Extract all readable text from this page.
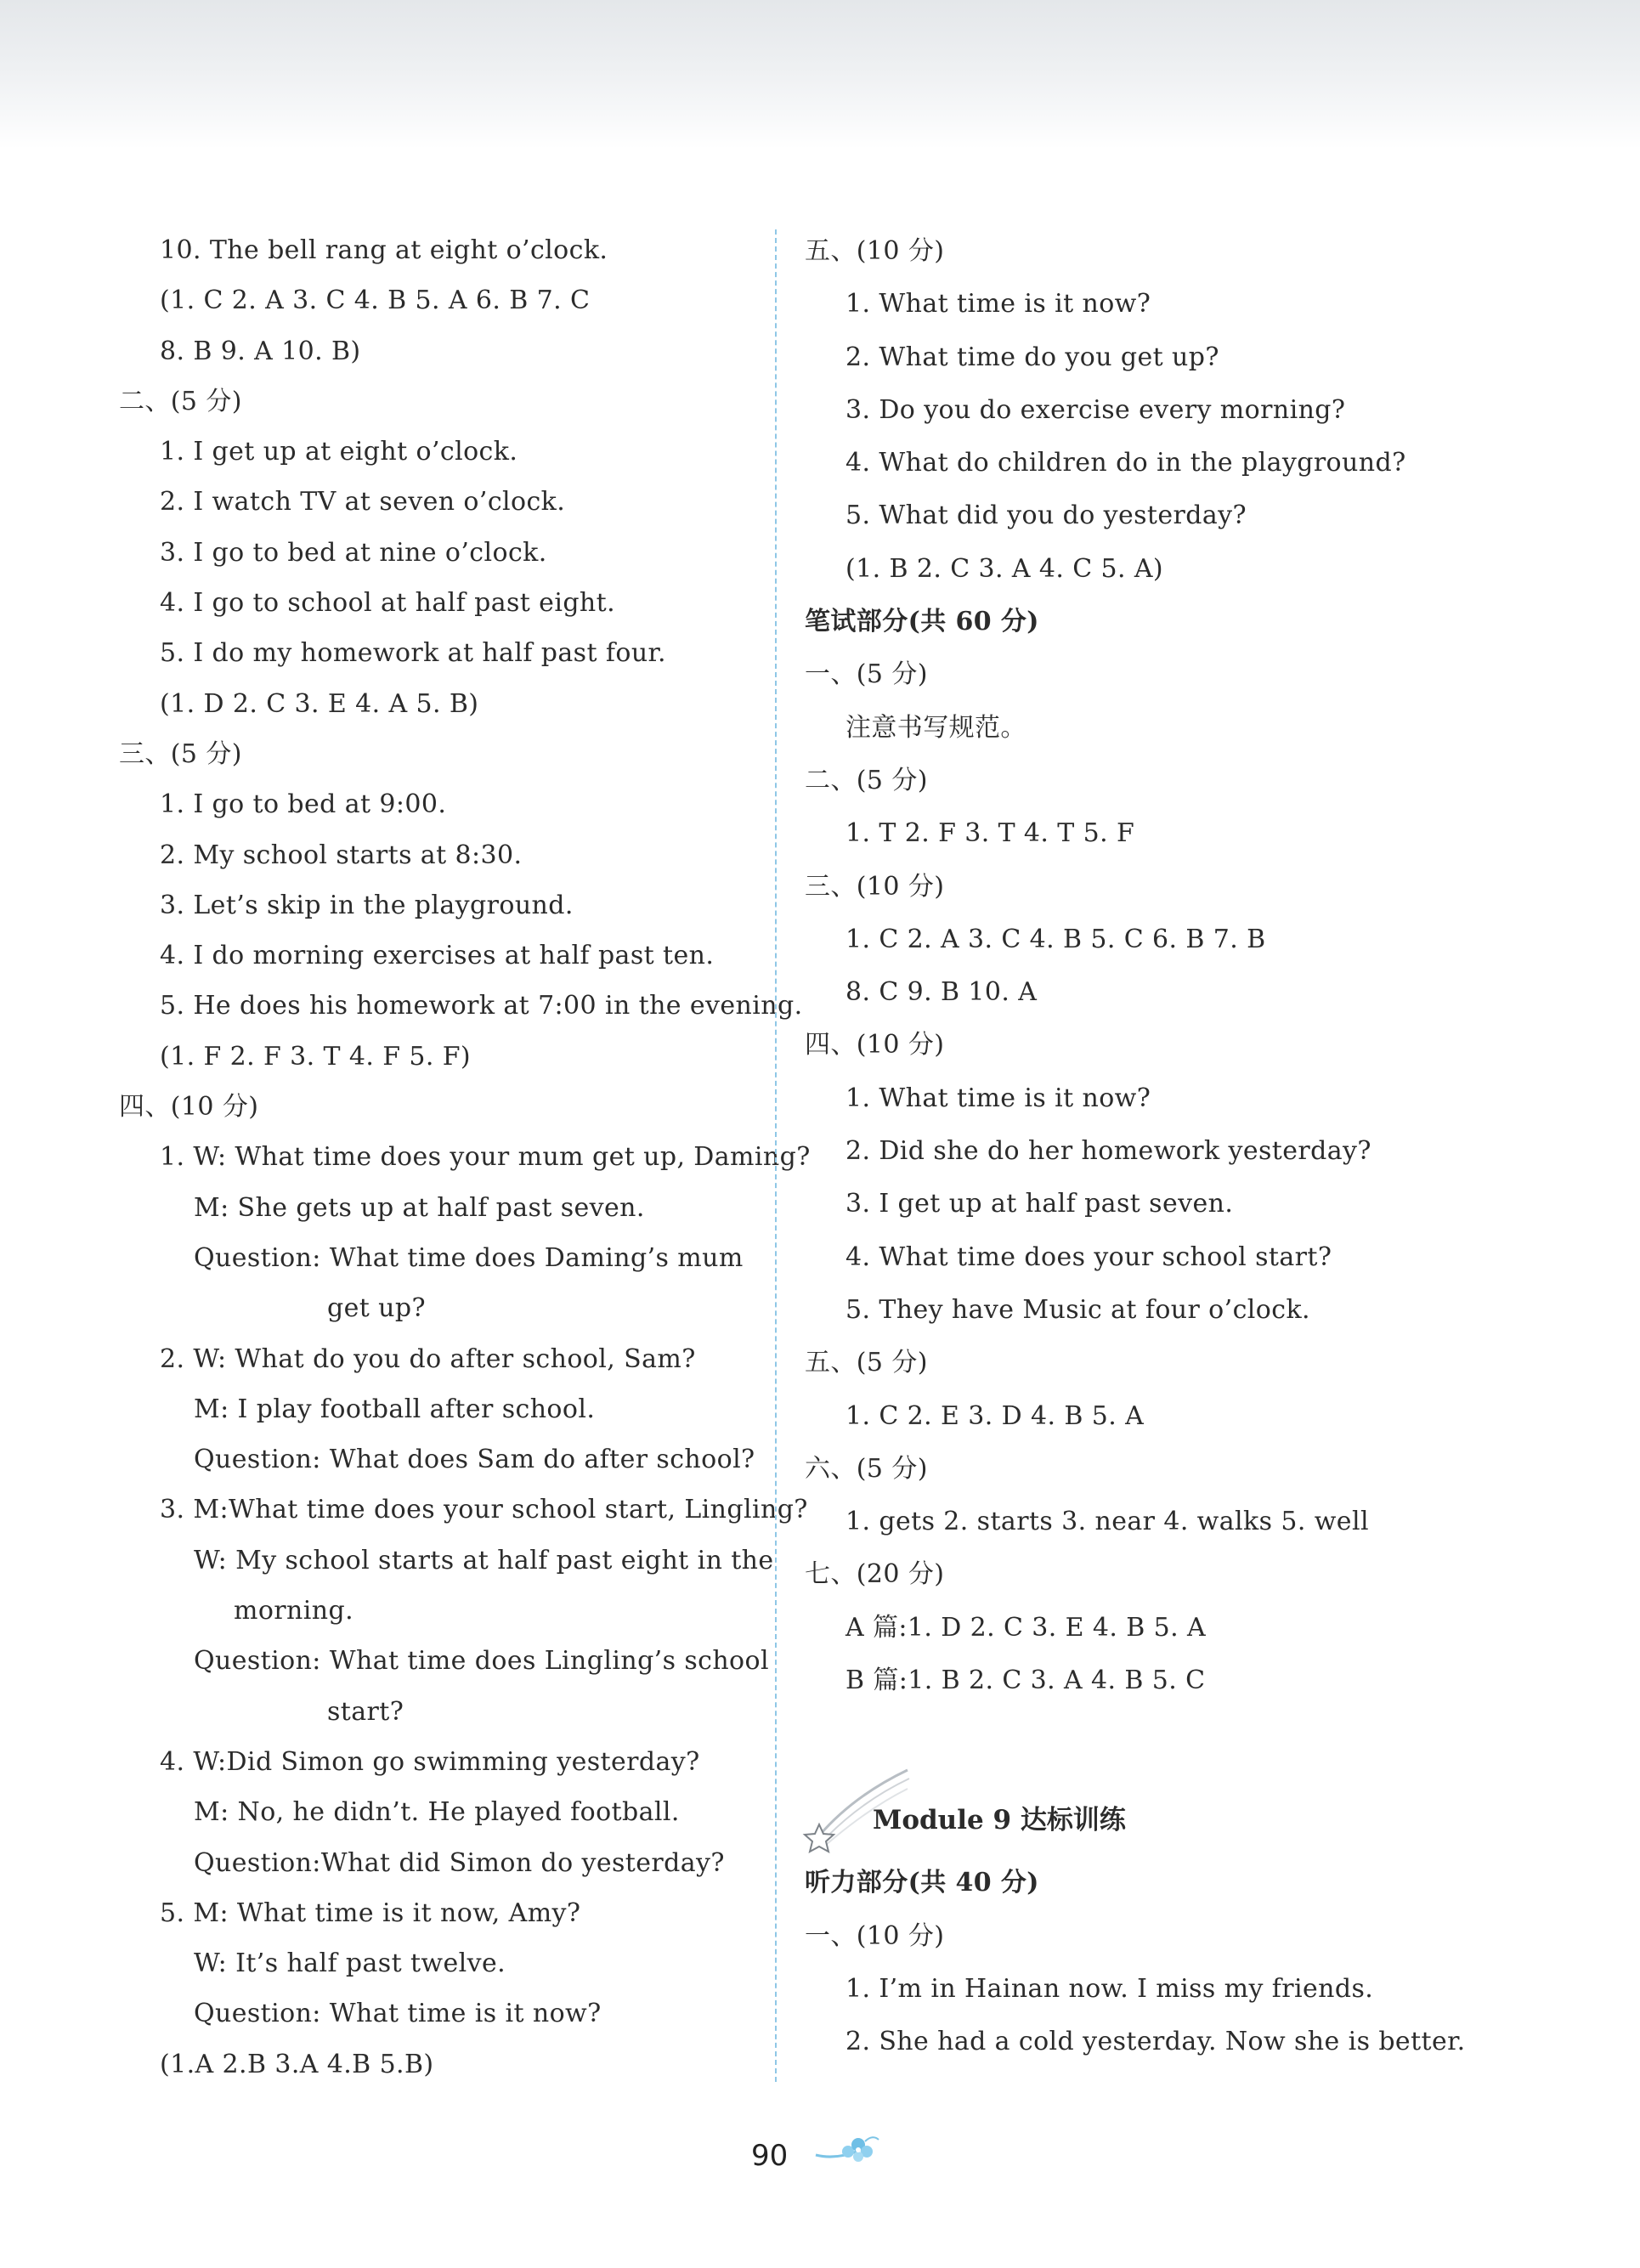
10. The bell rang at eight o’clock.
(1. C 2. A 3. C 4. B 5. A 6. B 7. C
8. B 9. A 10. B)
二、(5 分)
1. I get up at eight o’clock.
2. I watch TV at seven o’clock.
3. I go to bed at nine o’clock.
4. I go to school at half past eight.
5. I do my homework at half past four.
(1. D 2. C 3. E 4. A 5. B)
三、(5 分)
1. I go to bed at 9:00.
2. My school starts at 8:30.
3. Let’s skip in the playground.
4. I do morning exercises at half past ten.
5. He does his homework at 7:00 in the evening.
(1. F 2. F 3. T 4. F 5. F)
四、(10 分)
1. W: What time does your mum get up, Daming?
M: She gets up at half past seven.
Question: What time does Daming’s mum
get up?
2. W: What do you do after school, Sam?
M: I play football after school.
Question: What does Sam do after school?
3. M:What time does your school start, Lingling?
W: My school starts at half past eight in the
morning.
Question: What time does Lingling’s school
start?
4. W:Did Simon go swimming yesterday?
M: No, he didn’t. He played football.
Question:What did Simon do yesterday?
5. M: What time is it now, Amy?
W: It’s half past twelve.
Question: What time is it now?
(1.A 2.B 3.A 4.B 5.B)
五、(10 分)
1. What time is it now?
2. What time do you get up?
3. Do you do exercise every morning?
4. What do children do in the playground?
5. What did you do yesterday?
(1. B 2. C 3. A 4. C 5. A)
笔试部分(共 60 分)
一、(5 分)
注意书写规范。
二、(5 分)
1. T 2. F 3. T 4. T 5. F
三、(10 分)
1. C 2. A 3. C 4. B 5. C 6. B 7. B
8. C 9. B 10. A
四、(10 分)
1. What time is it now?
2. Did she do her homework yesterday?
3. I get up at half past seven.
4. What time does your school start?
5. They have Music at four o’clock.
五、(5 分)
1. C 2. E 3. D 4. B 5. A
六、(5 分)
1. gets 2. starts 3. near 4. walks 5. well
七、(20 分)
A 篇:1. D 2. C 3. E 4. B 5. A
B 篇:1. B 2. C 3. A 4. B 5. C
Module 9 达标训练
听力部分(共 40 分)
一、(10 分)
1. I’m in Hainan now. I miss my friends.
2. She had a cold yesterday. Now she is better.
90
